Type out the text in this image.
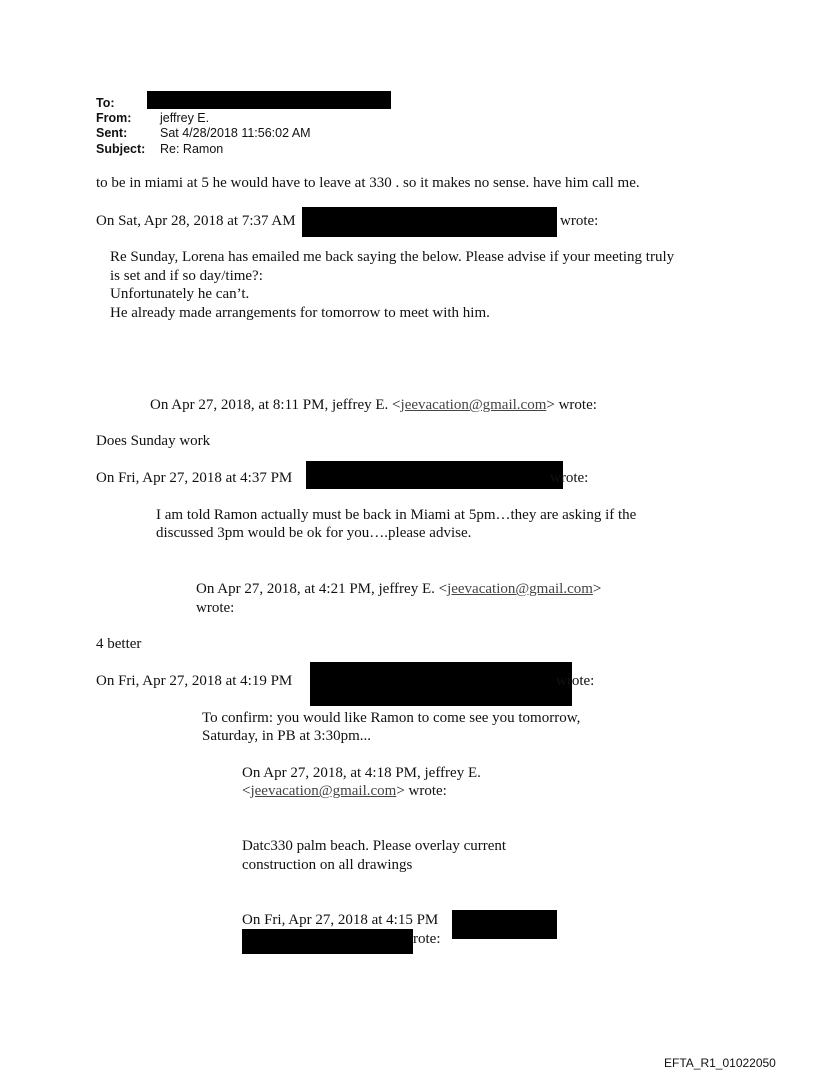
To:
From: jeffrey E.
Sent:	Sat 4/28/2018 11:56:02 AM
Subject: Re: Ramon
to be in miami at 5 he would have to leave at 330 . so it makes no sense. have him call me.
On Sat, Apr 28, 2018 at 7:37 AM	wrote:
Re Sunday, Lorena has emailed me back saying the below. Please advise if your meeting truly
is set and if so day/time?:
Unfortunately he can’t.
He already made arrangements for tomorrow to meet with him.
On Apr 27, 2018, at 8:11 PM, jeffrey E. <jeevacation@gmail.com> wrote:
Does Sunday work
On Fri, Apr 27, 2018 at 4:37 PM	wrote:
I am told Ramon actually must be back in Miami at 5pm…they are asking if the
discussed 3pm would be ok for you….please advise.
On Apr 27, 2018, at 4:21 PM, jeffrey E. <jeevacation@gmail.com>
wrote:
4 better
On Fri, Apr 27, 2018 at 4:19 PM	wrote:
To confirm: you would like Ramon to come see you tomorrow,
Saturday, in PB at 3:30pm...
On Apr 27, 2018, at 4:18 PM, jeffrey E.
<jeevacation@gmail.com> wrote:
Datc330 palm beach. Please overlay current
construction on all drawings
On Fri, Apr 27, 2018 at 4:15 PM
rote:
EFTA_R1_01022050
